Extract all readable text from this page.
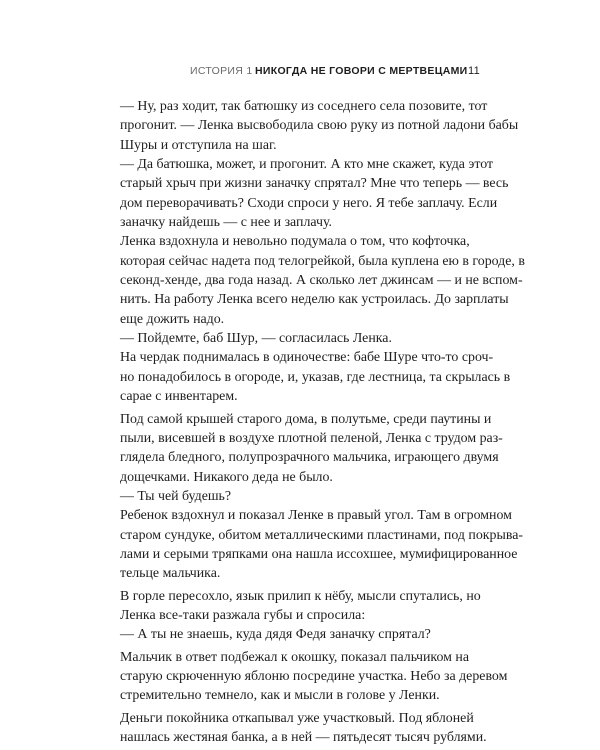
ИСТОРИЯ 1 НИКОГДА НЕ ГОВОРИ С МЕРТВЕЦАМИ 11
— Ну, раз ходит, так батюшку из соседнего села позовите, тот
прогонит. — Ленка высвободила свою руку из потной ладони бабы
Шуры и отступила на шаг.
— Да батюшка, может, и прогонит. А кто мне скажет, куда этот
старый хрыч при жизни заначку спрятал? Мне что теперь — весь
дом переворачивать? Сходи спроси у него. Я тебе заплачу. Если
заначку найдешь — с нее и заплачу.
Ленка вздохнула и невольно подумала о том, что кофточка,
которая сейчас надета под телогрейкой, была куплена ею в городе, в
секонд-хенде, два года назад. А сколько лет джинсам — и не вспом-
нить. На работу Ленка всего неделю как устроилась. До зарплаты
еще дожить надо.
— Пойдемте, баб Шур, — согласилась Ленка.
На чердак поднималась в одиночестве: бабе Шуре что-то сроч-
но понадобилось в огороде, и, указав, где лестница, та скрылась в
сарае с инвентарем.
Под самой крышей старого дома, в полутьме, среди паутины и
пыли, висевшей в воздухе плотной пеленой, Ленка с трудом раз-
глядела бледного, полупрозрачного мальчика, играющего двумя
дощечками. Никакого деда не было.
— Ты чей будешь?
Ребенок вздохнул и показал Ленке в правый угол. Там в огромном
старом сундуке, обитом металлическими пластинами, под покрыва-
лами и серыми тряпками она нашла иссохшее, мумифицированное
тельце мальчика.
В горле пересохло, язык прилип к нёбу, мысли спутались, но
Ленка все-таки разжала губы и спросила:
— А ты не знаешь, куда дядя Федя заначку спрятал?
Мальчик в ответ подбежал к окошку, показал пальчиком на
старую скрюченную яблоню посредине участка. Небо за деревом
стремительно темнело, как и мысли в голове у Ленки.
Деньги покойника откапывал уже участковый. Под яблоней
нашлась жестяная банка, а в ней — пятьдесят тысяч рублями.
